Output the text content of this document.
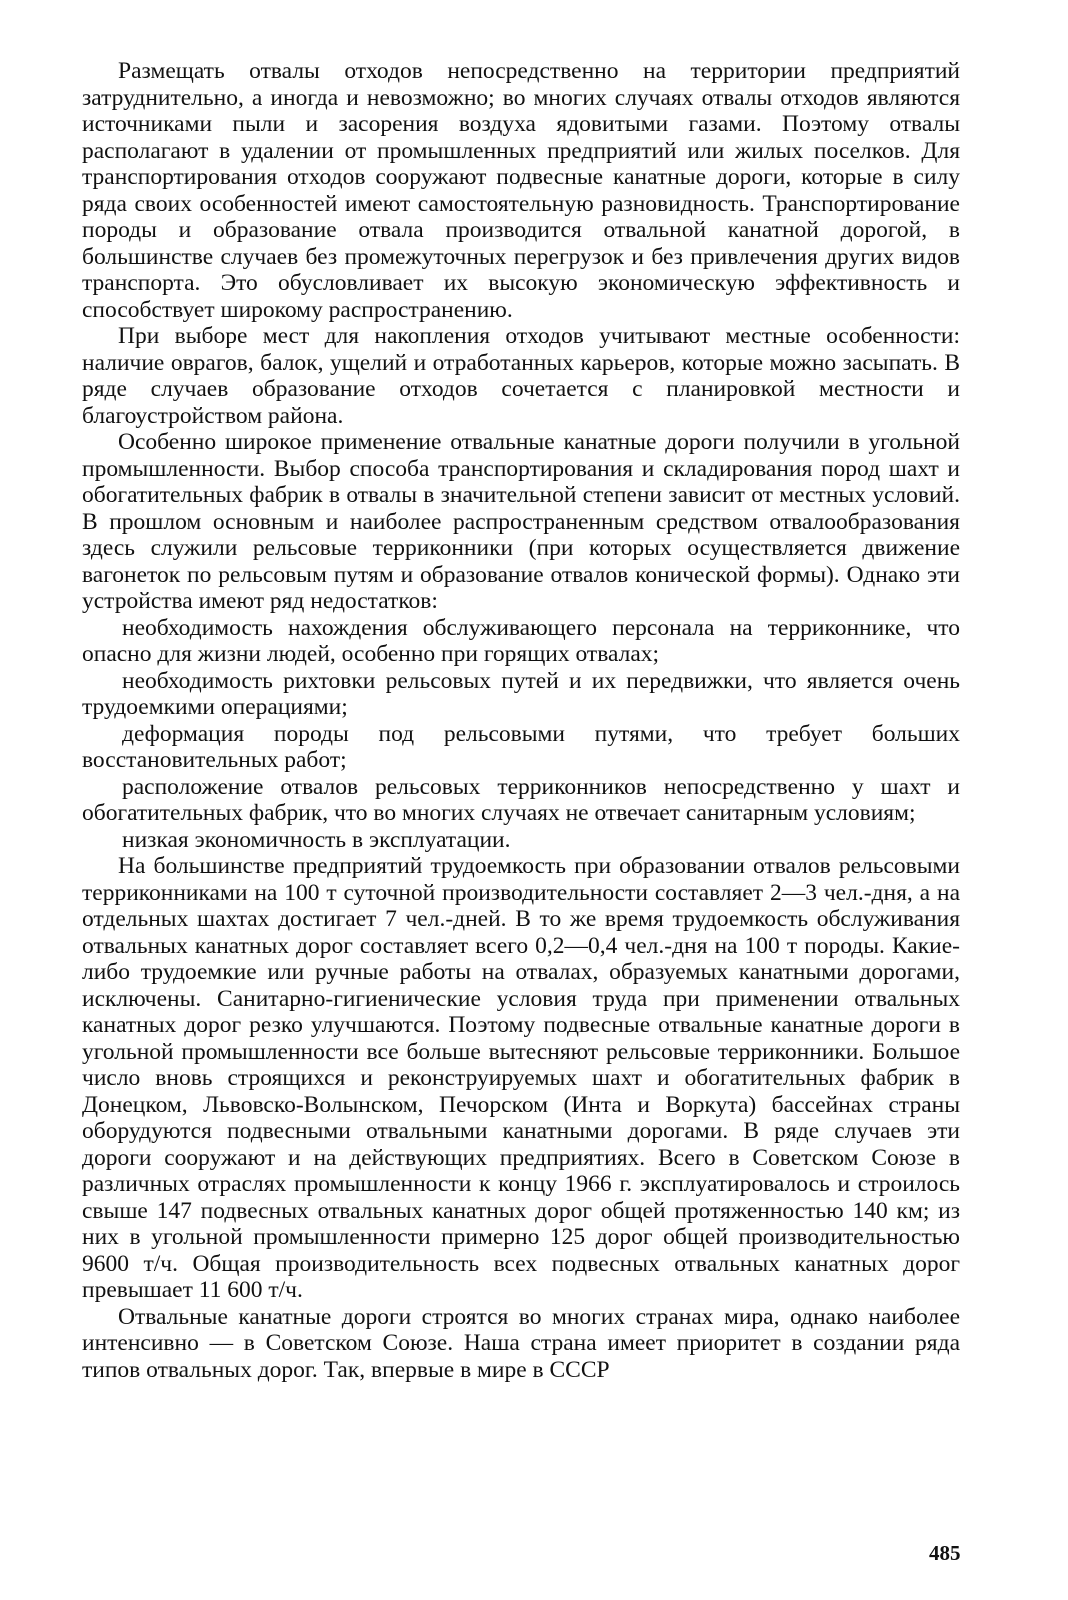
Размещать отвалы отходов непосредственно на территории предприятий затруднительно, а иногда и невозможно; во многих случаях отвалы отходов являются источниками пыли и засорения воздуха ядовитыми газами. Поэтому отвалы располагают в удалении от промышленных предприятий или жилых поселков. Для транспортирования отходов сооружают подвесные канатные дороги, которые в силу ряда своих особенностей имеют самостоятельную разновидность. Транспортирование породы и образование отвала производится отвальной канатной дорогой, в большинстве случаев без промежуточных перегрузок и без привлечения других видов транспорта. Это обусловливает их высокую экономическую эффективность и способствует широкому распространению.

При выборе мест для накопления отходов учитывают местные особенности: наличие оврагов, балок, ущелий и отработанных карьеров, которые можно засыпать. В ряде случаев образование отходов сочетается с планировкой местности и благоустройством района.

Особенно широкое применение отвальные канатные дороги получили в угольной промышленности. Выбор способа транспортирования и складирования пород шахт и обогатительных фабрик в отвалы в значительной степени зависит от местных условий. В прошлом основным и наиболее распространенным средством отвалообразования здесь служили рельсовые терриконники (при которых осуществляется движение вагонеток по рельсовым путям и образование отвалов конической формы). Однако эти устройства имеют ряд недостатков:

необходимость нахождения обслуживающего персонала на терриконнике, что опасно для жизни людей, особенно при горящих отвалах;

необходимость рихтовки рельсовых путей и их передвижки, что является очень трудоемкими операциями;

деформация породы под рельсовыми путями, что требует больших восстановительных работ;

расположение отвалов рельсовых терриконников непосредственно у шахт и обогатительных фабрик, что во многих случаях не отвечает санитарным условиям;

низкая экономичность в эксплуатации.

На большинстве предприятий трудоемкость при образовании отвалов рельсовыми терриконниками на 100 т суточной производительности составляет 2—3 чел.-дня, а на отдельных шахтах достигает 7 чел.-дней. В то же время трудоемкость обслуживания отвальных канатных дорог составляет всего 0,2—0,4 чел.-дня на 100 т породы. Какие-либо трудоемкие или ручные работы на отвалах, образуемых канатными дорогами, исключены. Санитарно-гигиенические условия труда при применении отвальных канатных дорог резко улучшаются. Поэтому подвесные отвальные канатные дороги в угольной промышленности все больше вытесняют рельсовые терриконники. Большое число вновь строящихся и реконструируемых шахт и обогатительных фабрик в Донецком, Львовско-Волынском, Печорском (Инта и Воркута) бассейнах страны оборудуются подвесными отвальными канатными дорогами. В ряде случаев эти дороги сооружают и на действующих предприятиях. Всего в Советском Союзе в различных отраслях промышленности к концу 1966 г. эксплуатировалось и строилось свыше 147 подвесных отвальных канатных дорог общей протяженностью 140 км; из них в угольной промышленности примерно 125 дорог общей производительностью 9600 т/ч. Общая производительность всех подвесных отвальных канатных дорог превышает 11 600 т/ч.

Отвальные канатные дороги строятся во многих странах мира, однако наиболее интенсивно — в Советском Союзе. Наша страна имеет приоритет в создании ряда типов отвальных дорог. Так, впервые в мире в СССР

485
